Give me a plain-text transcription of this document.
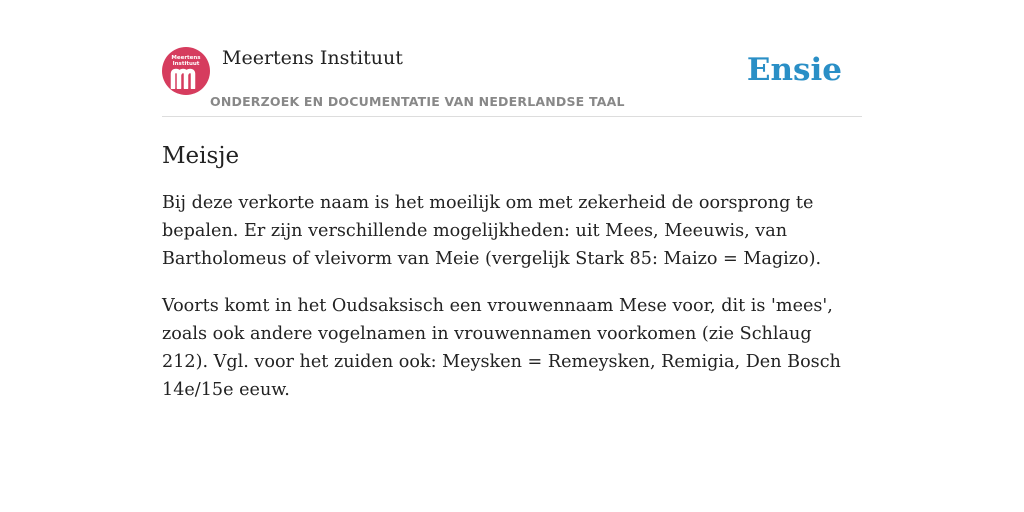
Meertens
Instituut	Meertens Instituut
ONDERZOEK EN DOCUMENTATIE VAN NEDERLANDSE TAAL
Ensie
Meisje

Bij deze verkorte naam is het moeilijk om met zekerheid de oorsprong te bepalen. Er zijn verschillende mogelijkheden: uit Mees, Meeuwis, van Bartholomeus of vleivorm van Meie (vergelijk Stark 85: Maizo = Magizo).

Voorts komt in het Oudsaksisch een vrouwennaam Mese voor, dit is 'mees', zoals ook andere vogelnamen in vrouwennamen voorkomen (zie Schlaug 212). Vgl. voor het zuiden ook: Meysken = Remeysken, Remigia, Den Bosch 14e/15e eeuw.
